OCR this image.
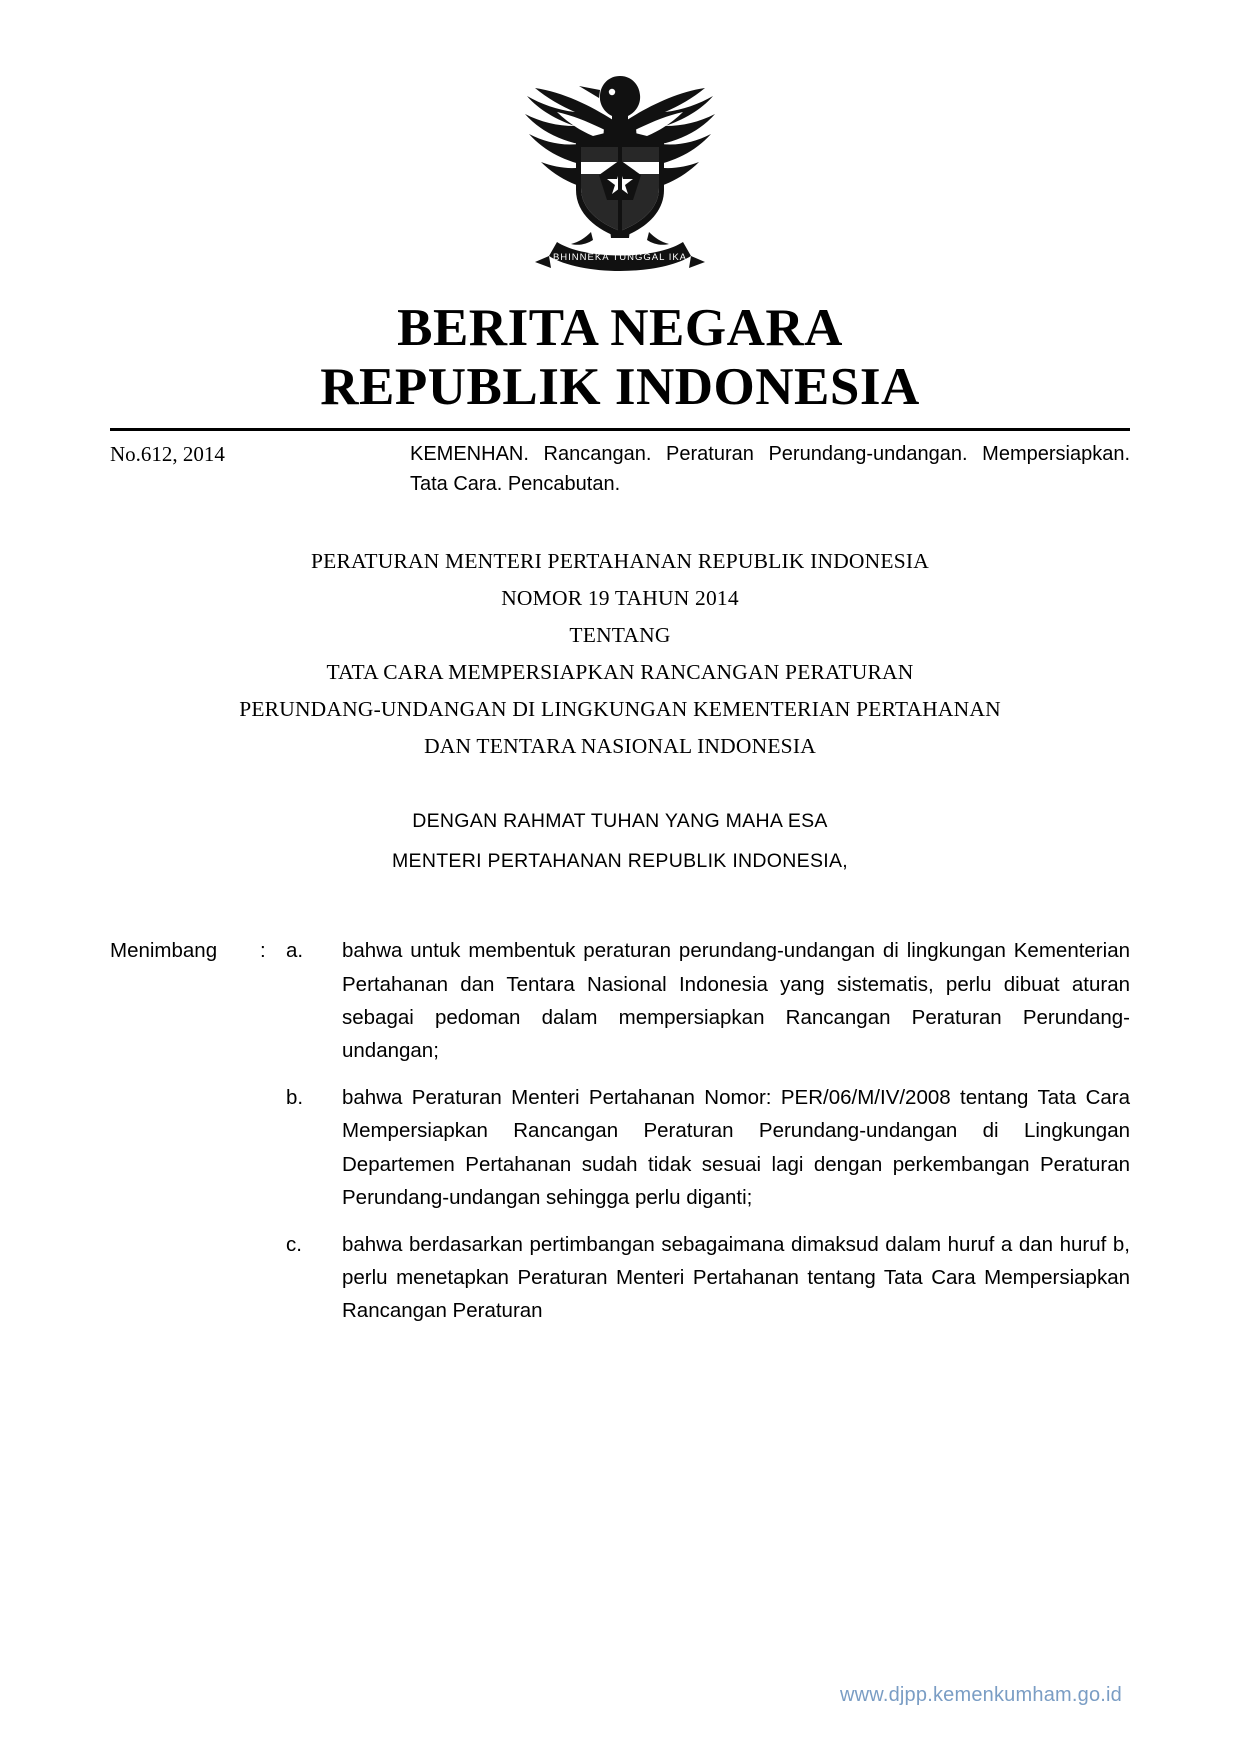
BHINNEKA TUNGGAL IKA
BERITA NEGARA
REPUBLIK INDONESIA
No.612, 2014	KEMENHAN. Rancangan. Peraturan Perundang-undangan. Mempersiapkan. Tata Cara. Pencabutan.
PERATURAN MENTERI PERTAHANAN REPUBLIK INDONESIA
NOMOR 19 TAHUN 2014
TENTANG
TATA CARA MEMPERSIAPKAN RANCANGAN PERATURAN
PERUNDANG-UNDANGAN DI LINGKUNGAN KEMENTERIAN PERTAHANAN
DAN TENTARA NASIONAL INDONESIA
DENGAN RAHMAT TUHAN YANG MAHA ESA
MENTERI PERTAHANAN REPUBLIK INDONESIA,
Menimbang	: a.	bahwa untuk membentuk peraturan perundang-undangan di lingkungan Kementerian Pertahanan dan Tentara Nasional Indonesia yang sistematis, perlu dibuat aturan sebagai pedoman dalam mempersiapkan Rancangan Peraturan Perundang-undangan;
b.	bahwa Peraturan Menteri Pertahanan Nomor: PER/06/M/IV/2008 tentang Tata Cara Mempersiapkan Rancangan Peraturan Perundang-undangan di Lingkungan Departemen Pertahanan sudah tidak sesuai lagi dengan perkembangan Peraturan Perundang-undangan sehingga perlu diganti;
c.	bahwa berdasarkan pertimbangan sebagaimana dimaksud dalam huruf a dan huruf b, perlu menetapkan Peraturan Menteri Pertahanan tentang Tata Cara Mempersiapkan Rancangan Peraturan
www.djpp.kemenkumham.go.id
